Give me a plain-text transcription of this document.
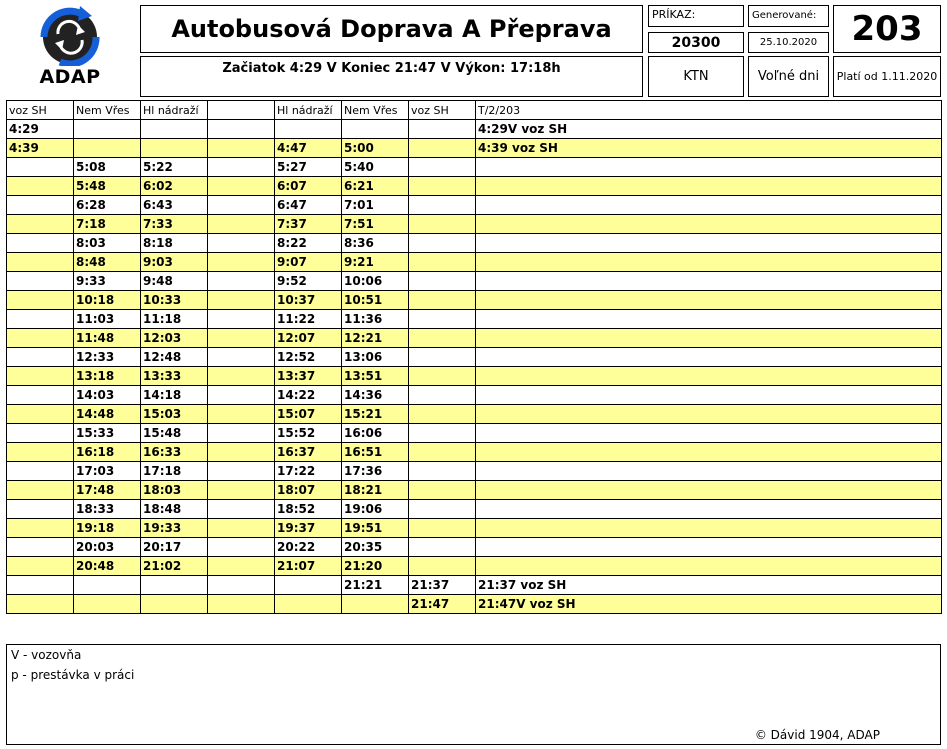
ADAP
Autobusová Doprava A Přeprava
Začiatok 4:29 V Koniec 21:47 V Výkon: 17:18h
PRÍKAZ:
20300
Generované:
25.10.2020	203
KTN	Voľné dni	Platí od 1.11.2020
voz SH	Nem Vřes	Hl nádraží		Hl nádraží	Nem Vřes	voz SH	T/2/203
4:29							4:29V voz SH
4:39				4:47	5:00		4:39 voz SH
	5:08	5:22		5:27	5:40		
	5:48	6:02		6:07	6:21		
	6:28	6:43		6:47	7:01		
	7:18	7:33		7:37	7:51		
	8:03	8:18		8:22	8:36		
	8:48	9:03		9:07	9:21		
	9:33	9:48		9:52	10:06		
	10:18	10:33		10:37	10:51		
	11:03	11:18		11:22	11:36		
	11:48	12:03		12:07	12:21		
	12:33	12:48		12:52	13:06		
	13:18	13:33		13:37	13:51		
	14:03	14:18		14:22	14:36		
	14:48	15:03		15:07	15:21		
	15:33	15:48		15:52	16:06		
	16:18	16:33		16:37	16:51		
	17:03	17:18		17:22	17:36		
	17:48	18:03		18:07	18:21		
	18:33	18:48		18:52	19:06		
	19:18	19:33		19:37	19:51		
	20:03	20:17		20:22	20:35		
	20:48	21:02		21:07	21:20		
					21:21	21:37	21:37 voz SH
						21:47	21:47V voz SH
V - vozovňa
p - prestávka v práci
© Dávid 1904, ADAP
